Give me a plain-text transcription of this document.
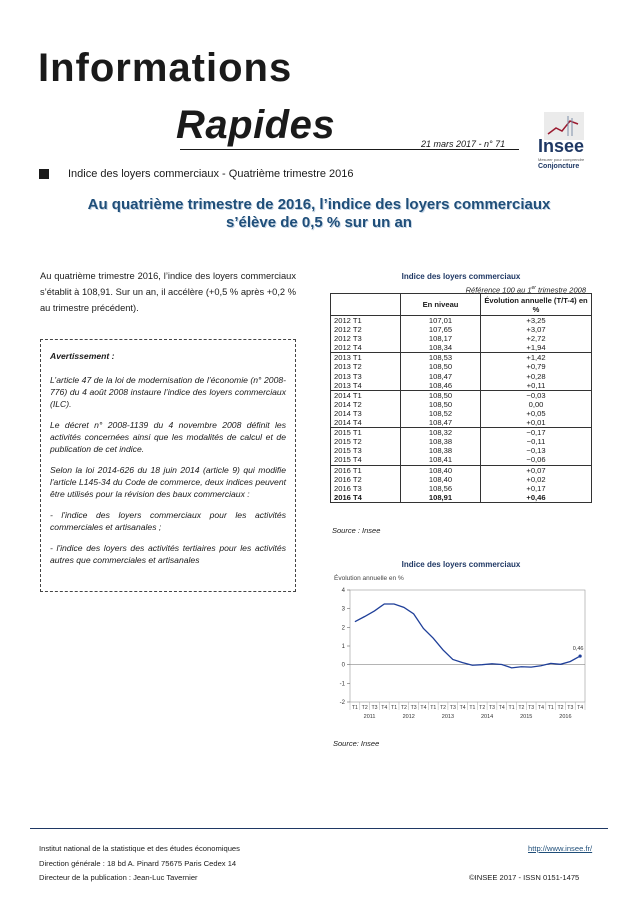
Informations
Rapides	21 mars 2017 - n° 71 Insee
Mesurer pour comprendre
Conjoncture
Indice des loyers commerciaux - Quatrième trimestre 2016
Au quatrième trimestre de 2016, l’indice des loyers commerciaux
s’élève de 0,5 % sur un an
Au quatrième trimestre 2016, l’indice des loyers commerciaux s’établit à 108,91. Sur un an, il accélère (+0,5 % après +0,2 % au trimestre précédent).

Avertissement :

L’article 47 de la loi de modernisation de l’économie (n° 2008-776) du 4 août 2008 instaure l’indice des loyers commerciaux (ILC).

Le décret n° 2008-1139 du 4 novembre 2008 définit les activités concernées ainsi que les modalités de calcul et de publication de cet indice.

Selon la loi 2014-626 du 18 juin 2014 (article 9) qui modifie l'article L145-34 du Code de commerce, deux indices peuvent être utilisés pour la révision des baux commerciaux :

- l'indice des loyers commerciaux pour les activités commerciales et artisanales ;

- l'indice des loyers des activités tertiaires pour les activités autres que commerciales et artisanales

Indice des loyers commerciaux
Référence 100 au 1er trimestre 2008
	En niveau	Évolution annuelle (T/T-4) en %
2012 T1	107,01	+3,25
2012 T2	107,65	+3,07
2012 T3	108,17	+2,72
2012 T4	108,34	+1,94
2013 T1	108,53	+1,42
2013 T2	108,50	+0,79
2013 T3	108,47	+0,28
2013 T4	108,46	+0,11
2014 T1	108,50	−0,03
2014 T2	108,50	0,00
2014 T3	108,52	+0,05
2014 T4	108,47	+0,01
2015 T1	108,32	−0,17
2015 T2	108,38	−0,11
2015 T3	108,38	−0,13
2015 T4	108,41	−0,06
2016 T1	108,40	+0,07
2016 T2	108,40	+0,02
2016 T3	108,56	+0,17
2016 T4	108,91	+0,46
Source : Insee
Indice des loyers commerciaux
Évolution annuelle en %
4
3
2
1
0
-1
-2
T1 T2 T3 T4 T1 T2 T3 T4 T1 T2 T3 T4 T1 T2 T3 T4 T1 T2 T3 T4 T1 T2 T3 T4
2011	2012	2013	2014	2015	2016
0,46
Source: Insee
Institut national de la statistique et des études économiques	http://www.insee.fr/
Direction générale : 18 bd A. Pinard 75675 Paris Cedex 14
Directeur de la publication : Jean-Luc Tavernier	©INSEE 2017 - ISSN 0151-1475
